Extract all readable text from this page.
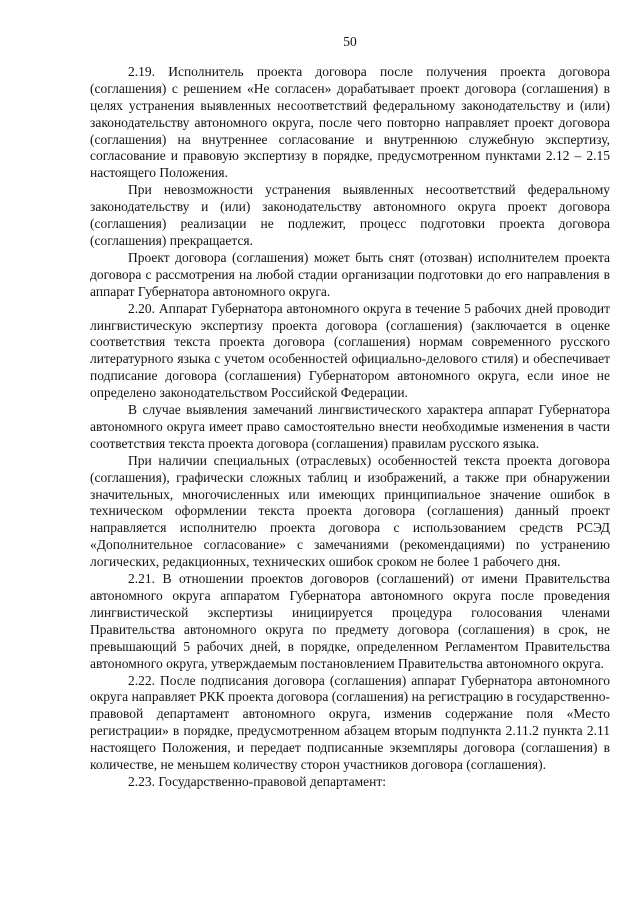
50

2.19. Исполнитель проекта договора после получения проекта договора (соглашения) с решением «Не согласен» дорабатывает проект договора (соглашения) в целях устранения выявленных несоответствий федеральному законодательству и (или) законодательству автономного округа, после чего повторно направляет проект договора (соглашения) на внутреннее согласование и внутреннюю служебную экспертизу, согласование и правовую экспертизу в порядке, предусмотренном пунктами 2.12 – 2.15 настоящего Положения.

При невозможности устранения выявленных несоответствий федеральному законодательству и (или) законодательству автономного округа проект договора (соглашения) реализации не подлежит, процесс подготовки проекта договора (соглашения) прекращается.

Проект договора (соглашения) может быть снят (отозван) исполнителем проекта договора с рассмотрения на любой стадии организации подготовки до его направления в аппарат Губернатора автономного округа.

2.20. Аппарат Губернатора автономного округа в течение 5 рабочих дней проводит лингвистическую экспертизу проекта договора (соглашения) (заключается в оценке соответствия текста проекта договора (соглашения) нормам современного русского литературного языка с учетом особенностей официально-делового стиля) и обеспечивает подписание договора (соглашения) Губернатором автономного округа, если иное не определено законодательством Российской Федерации.

В случае выявления замечаний лингвистического характера аппарат Губернатора автономного округа имеет право самостоятельно внести необходимые изменения в части соответствия текста проекта договора (соглашения) правилам русского языка.

При наличии специальных (отраслевых) особенностей текста проекта договора (соглашения), графически сложных таблиц и изображений, а также при обнаружении значительных, многочисленных или имеющих принципиальное значение ошибок в техническом оформлении текста проекта договора (соглашения) данный проект направляется исполнителю проекта договора с использованием средств РСЭД «Дополнительное согласование» с замечаниями (рекомендациями) по устранению логических, редакционных, технических ошибок сроком не более 1 рабочего дня.

2.21. В отношении проектов договоров (соглашений) от имени Правительства автономного округа аппаратом Губернатора автономного округа после проведения лингвистической экспертизы инициируется процедура голосования членами Правительства автономного округа по предмету договора (соглашения) в срок, не превышающий 5 рабочих дней, в порядке, определенном Регламентом Правительства автономного округа, утверждаемым постановлением Правительства автономного округа.

2.22. После подписания договора (соглашения) аппарат Губернатора автономного округа направляет РКК проекта договора (соглашения) на регистрацию в государственно-правовой департамент автономного округа, изменив содержание поля «Место регистрации» в порядке, предусмотренном абзацем вторым подпункта 2.11.2 пункта 2.11 настоящего Положения, и передает подписанные экземпляры договора (соглашения) в количестве, не меньшем количеству сторон участников договора (соглашения).

2.23. Государственно-правовой департамент:
